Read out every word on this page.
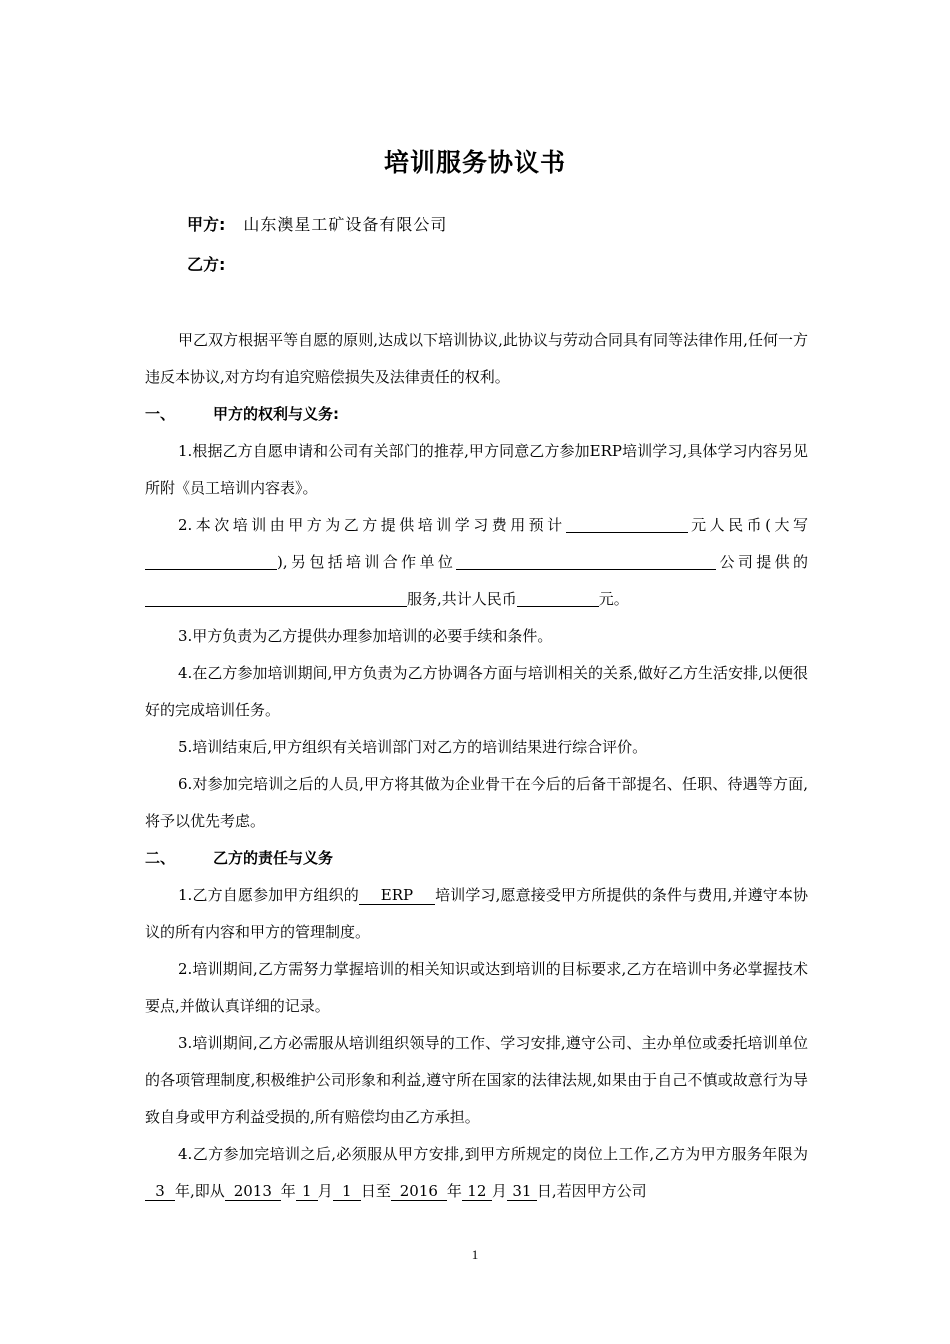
培训服务协议书
甲方: 山东澳星工矿设备有限公司
乙方:

甲乙双方根据平等自愿的原则,达成以下培训协议,此协议与劳动合同具有同等法律作用,任何一方违反本协议,对方均有追究赔偿损失及法律责任的权利。

一、	甲方的权利与义务:

1.根据乙方自愿申请和公司有关部门的推荐,甲方同意乙方参加ERP培训学习,具体学习内容另见所附《员工培训内容表》。

2.本次培训由甲方为乙方提供培训学习费用预计	元人民币(大写),另包括培训合作单位	公司提供的服务,共计人民币	元。

3.甲方负责为乙方提供办理参加培训的必要手续和条件。

4.在乙方参加培训期间,甲方负责为乙方协调各方面与培训相关的关系,做好乙方生活安排,以便很好的完成培训任务。

5.培训结束后,甲方组织有关培训部门对乙方的培训结果进行综合评价。

6.对参加完培训之后的人员,甲方将其做为企业骨干在今后的后备干部提名、任职、待遇等方面,将予以优先考虑。

二、	乙方的责任与义务

1.乙方自愿参加甲方组织的 ERP 培训学习,愿意接受甲方所提供的条件与费用,并遵守本协议的所有内容和甲方的管理制度。

2.培训期间,乙方需努力掌握培训的相关知识或达到培训的目标要求,乙方在培训中务必掌握技术要点,并做认真详细的记录。

3.培训期间,乙方必需服从培训组织领导的工作、学习安排,遵守公司、主办单位或委托培训单位的各项管理制度,积极维护公司形象和利益,遵守所在国家的法律法规,如果由于自己不慎或故意行为导致自身或甲方利益受损的,所有赔偿均由乙方承担。

4.乙方参加完培训之后,必须服从甲方安排,到甲方所规定的岗位上工作,乙方为甲方服务年限为3 年,即从 2013 年 1 月 1 日至 2016 年 12 月 31 日,若因甲方公司

1
